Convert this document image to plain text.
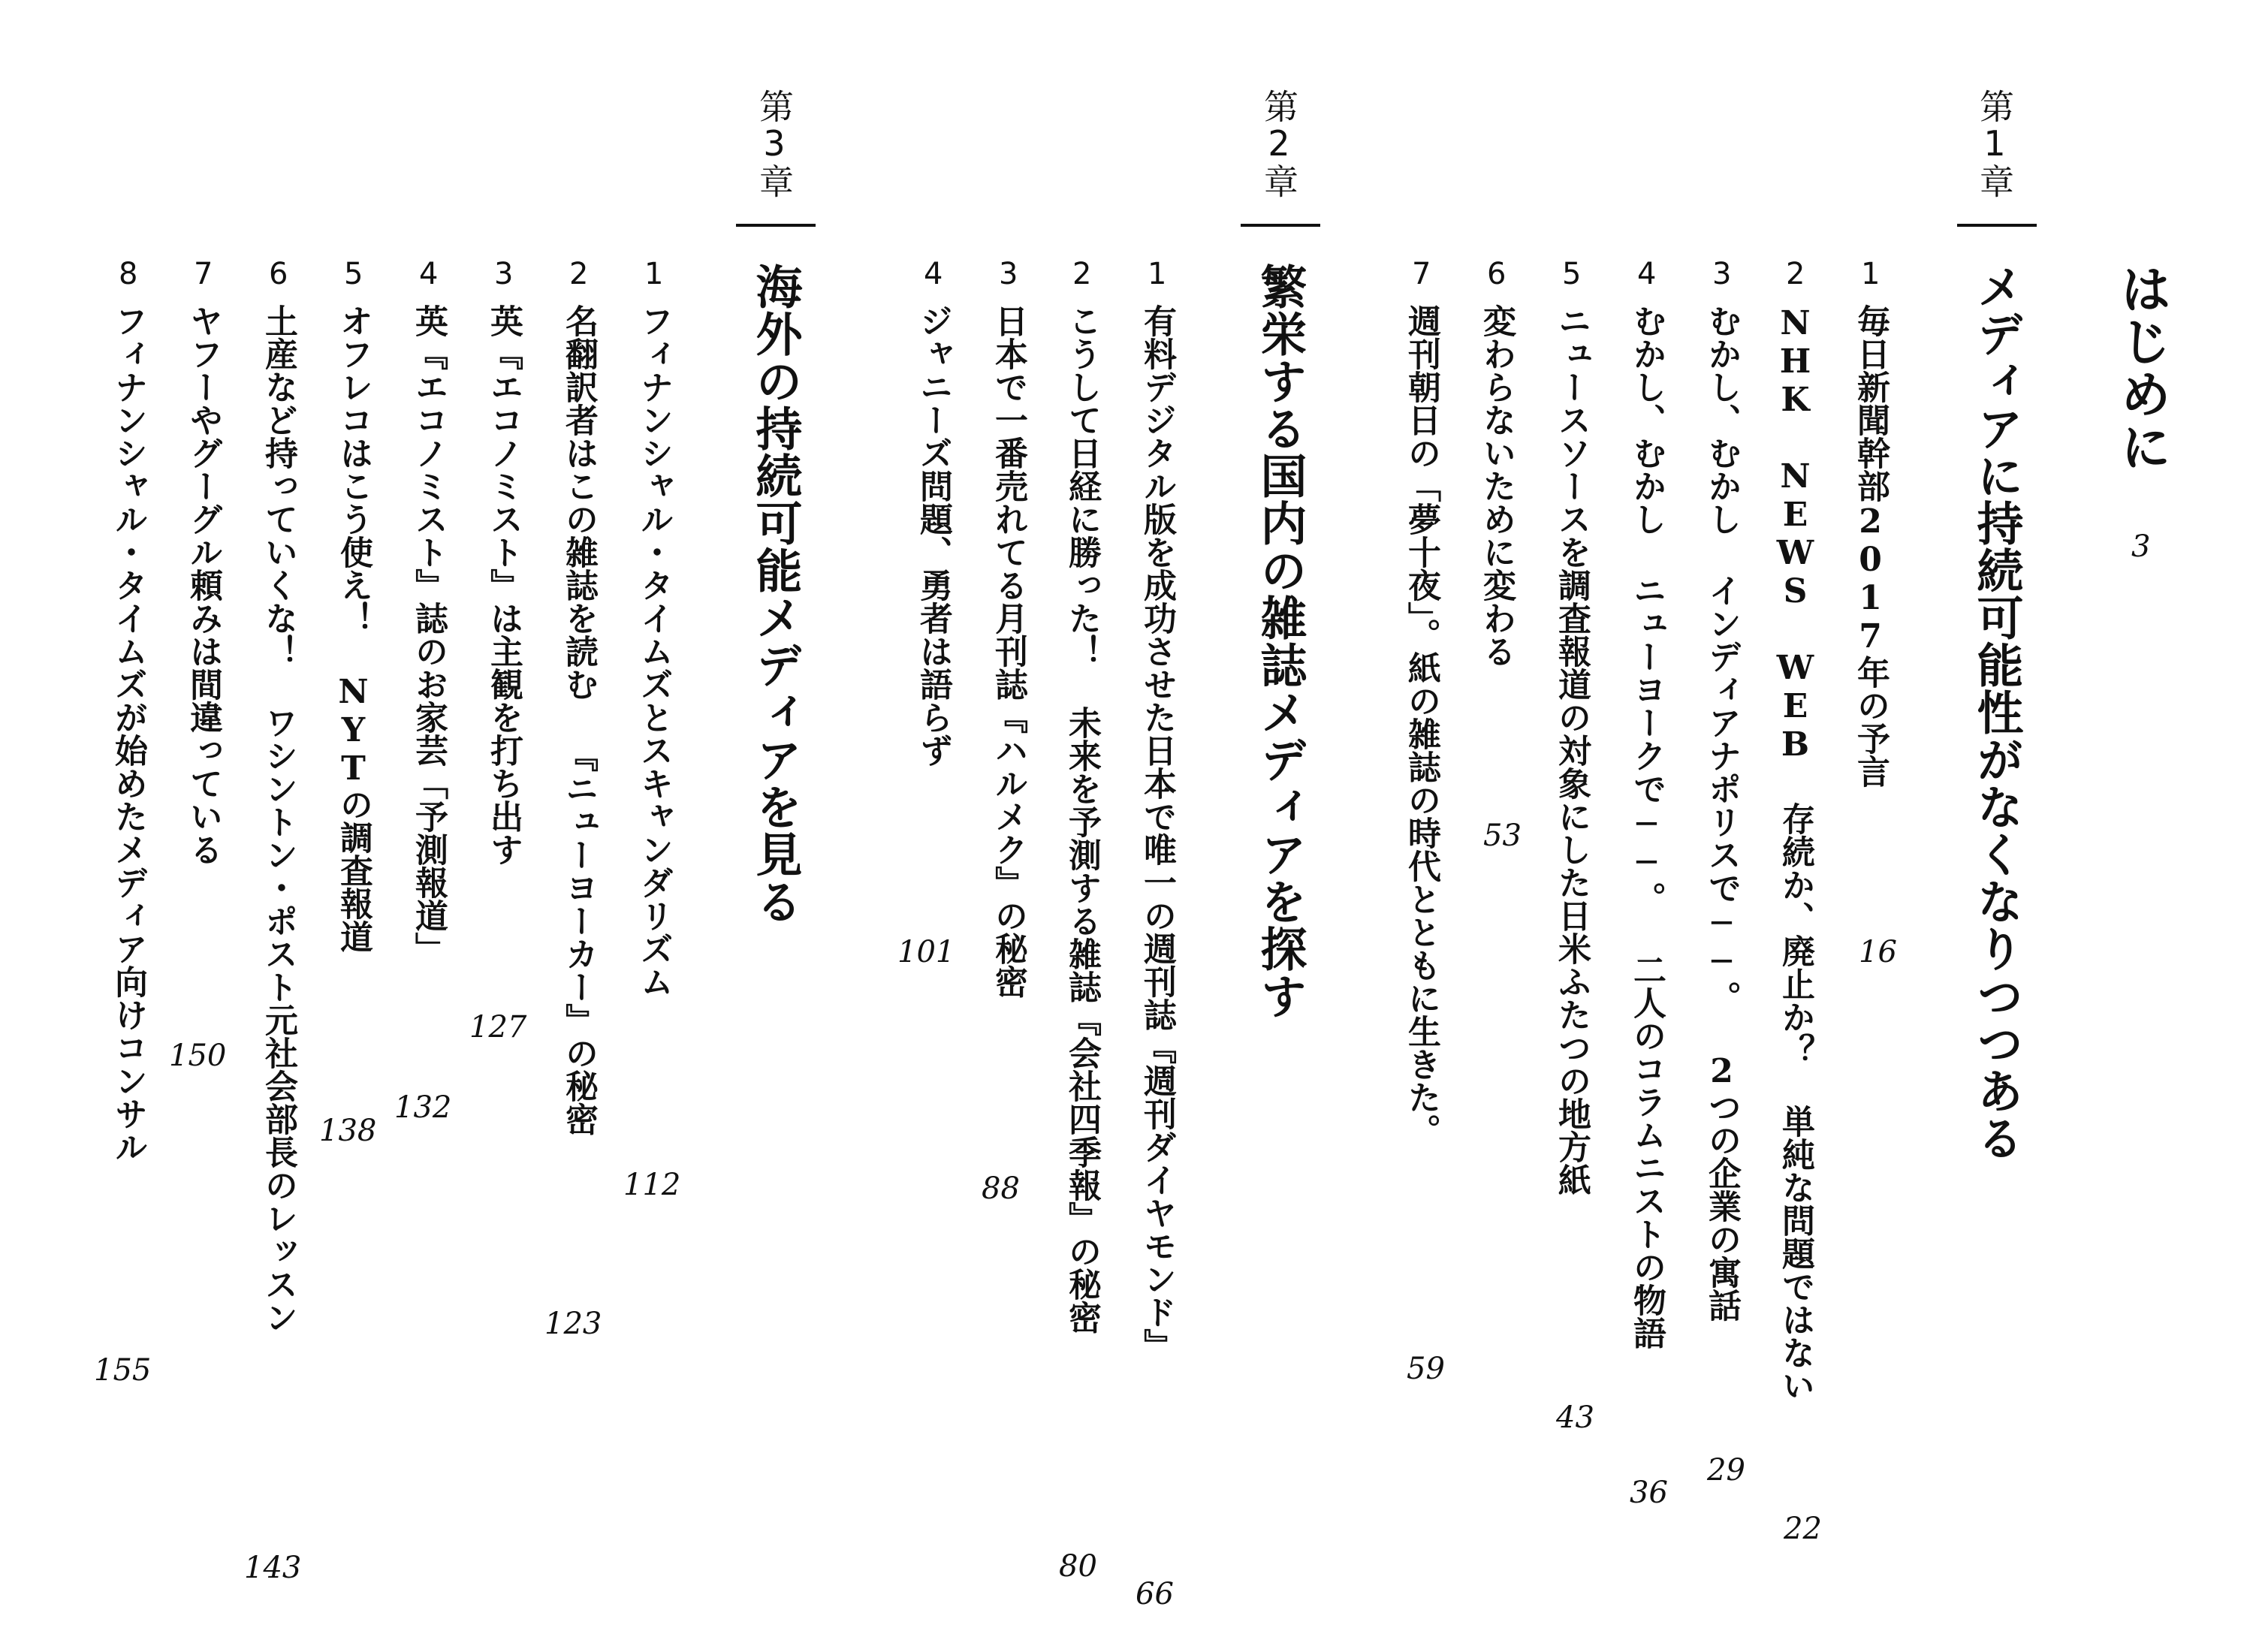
はじめに
3
第1章
メディアに持続可能性がなくなりつつある
1
毎日新聞幹部2017年の予言
16
2
NHK NEWS WEB 存続か、廃止か？ 単純な問題ではない
22
3
むかし、むかし インディアナポリスで──。 2つの企業の寓話
29
4
むかし、むかし ニューヨークで──。 二人のコラムニストの物語
36
5
ニュースソースを調査報道の対象にした日米ふたつの地方紙
43
6
変わらないために変わる
53
7
週刊朝日の「夢十夜」。紙の雑誌の時代とともに生きた。
59
第2章
繁栄する国内の雑誌メディアを探す
1
有料デジタル版を成功させた日本で唯一の週刊誌『週刊ダイヤモンド』
66
2
こうして日経に勝った！ 未来を予測する雑誌『会社四季報』の秘密
80
3
日本で一番売れてる月刊誌『ハルメク』の秘密
88
4
ジャニーズ問題、勇者は語らず
101
第3章
海外の持続可能メディアを見る
1
フィナンシャル・タイムズとスキャンダリズム
112
2
名翻訳者はこの雑誌を読む 『ニューヨーカー』の秘密
123
3
英『エコノミスト』は主観を打ち出す
127
4
英『エコノミスト』誌のお家芸「予測報道」
132
5
オフレコはこう使え！ NYTの調査報道
138
6
土産など持っていくな！ ワシントン・ポスト元社会部長のレッスン
143
7
ヤフーやグーグル頼みは間違っている
150
8
フィナンシャル・タイムズが始めたメディア向けコンサル
155
